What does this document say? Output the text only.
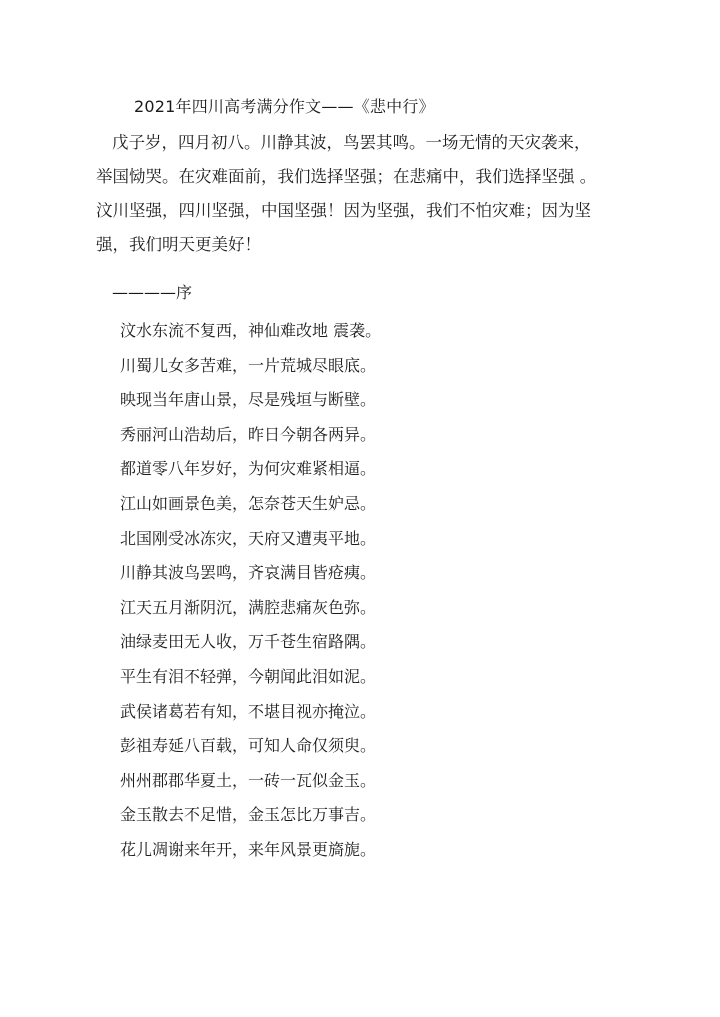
2021年四川高考满分作文——《悲中行》
戊子岁，四月初八。川静其波，鸟罢其鸣。一场无情的天灾袭来，
举国恸哭。在灾难面前，我们选择坚强；在悲痛中，我们选择坚强 。
汶川坚强，四川坚强，中国坚强！因为坚强，我们不怕灾难；因为坚
强，我们明天更美好！
————序
汶水东流不复西，神仙难改地 震袭。
川蜀儿女多苦难，一片荒城尽眼底。
映现当年唐山景，尽是残垣与断壁。
秀丽河山浩劫后，昨日今朝各两异。
都道零八年岁好，为何灾难紧相逼。
江山如画景色美，怎奈苍天生妒忌。
北国刚受冰冻灾，天府又遭夷平地。
川静其波鸟罢鸣，齐哀满目皆疮痍。
江天五月渐阴沉，满腔悲痛灰色弥。
油绿麦田无人收，万千苍生宿路隅。
平生有泪不轻弹，今朝闻此泪如泥。
武侯诸葛若有知，不堪目视亦掩泣。
彭祖寿延八百载，可知人命仅须臾。
州州郡郡华夏土，一砖一瓦似金玉。
金玉散去不足惜，金玉怎比万事吉。
花儿凋谢来年开，来年风景更旖旎。
